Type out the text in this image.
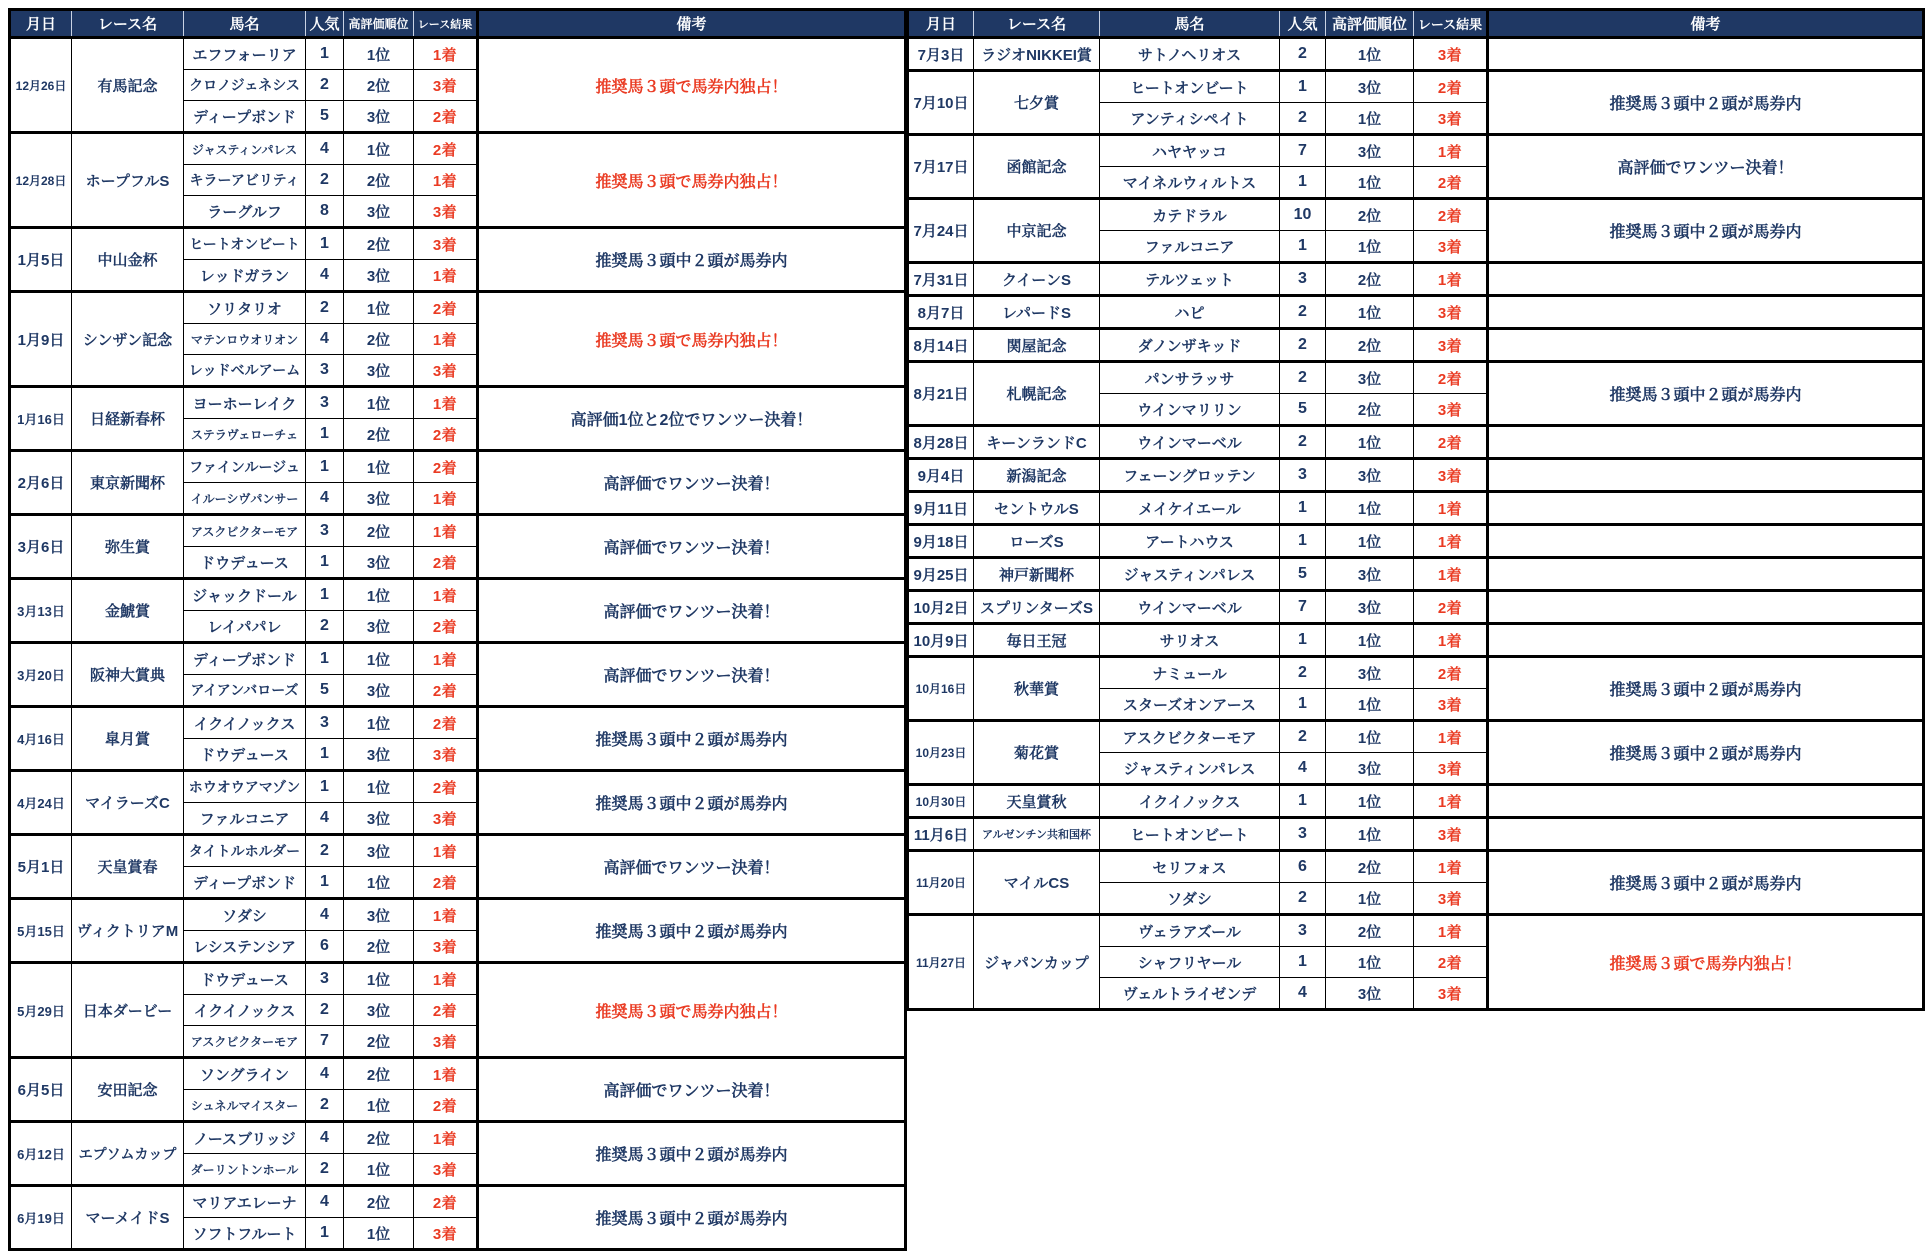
月日	レース名	馬名	人気	高評価順位	レース結果	備考
12月26日	有馬記念	エフフォーリア	1	1位	1着	推奨馬３頭で馬券内独占！
		クロノジェネシス	2	2位	3着	
		ディープボンド	5	3位	2着	
12月28日	ホープフルS	ジャスティンパレス	4	1位	2着	推奨馬３頭で馬券内独占！
		キラーアビリティ	2	2位	1着	
		ラーグルフ	8	3位	3着	
1月5日	中山金杯	ヒートオンビート	1	2位	3着	推奨馬３頭中２頭が馬券内
		レッドガラン	4	3位	1着	
1月9日	シンザン記念	ソリタリオ	2	1位	2着	推奨馬３頭で馬券内独占！
		マテンロウオリオン	4	2位	1着	
		レッドベルアーム	3	3位	3着	
1月16日	日経新春杯	ヨーホーレイク	3	1位	1着	高評価1位と2位でワンツー決着！
		ステラヴェローチェ	1	2位	2着	
2月6日	東京新聞杯	ファインルージュ	1	1位	2着	高評価でワンツー決着！
		イルーシヴパンサー	4	3位	1着	
3月6日	弥生賞	アスクビクターモア	3	2位	1着	高評価でワンツー決着！
		ドウデュース	1	3位	2着	
3月13日	金鯱賞	ジャックドール	1	1位	1着	高評価でワンツー決着！
		レイパパレ	2	3位	2着	
3月20日	阪神大賞典	ディープボンド	1	1位	1着	高評価でワンツー決着！
		アイアンバローズ	5	3位	2着	
4月16日	皐月賞	イクイノックス	3	1位	2着	推奨馬３頭中２頭が馬券内
		ドウデュース	1	3位	3着	
4月24日	マイラーズC	ホウオウアマゾン	1	1位	2着	推奨馬３頭中２頭が馬券内
		ファルコニア	4	3位	3着	
5月1日	天皇賞春	タイトルホルダー	2	3位	1着	高評価でワンツー決着！
		ディープボンド	1	1位	2着	
5月15日	ヴィクトリアM	ソダシ	4	3位	1着	推奨馬３頭中２頭が馬券内
		レシステンシア	6	2位	3着	
5月29日	日本ダービー	ドウデュース	3	1位	1着	推奨馬３頭で馬券内独占！
		イクイノックス	2	3位	2着	
		アスクビクターモア	7	2位	3着	
6月5日	安田記念	ソングライン	4	2位	1着	高評価でワンツー決着！
		シュネルマイスター	2	1位	2着	
6月12日	エプソムカップ	ノースブリッジ	4	2位	1着	推奨馬３頭中２頭が馬券内
		ダーリントンホール	2	1位	3着	
6月19日	マーメイドS	マリアエレーナ	4	2位	2着	推奨馬３頭中２頭が馬券内
		ソフトフルート	1	1位	3着	
月日	レース名	馬名	人気	高評価順位	レース結果	備考
7月3日	ラジオNIKKEI賞	サトノヘリオス	2	1位	3着	
7月10日	七夕賞	ヒートオンビート	1	3位	2着	推奨馬３頭中２頭が馬券内
		アンティシペイト	2	1位	3着	
7月17日	函館記念	ハヤヤッコ	7	3位	1着	高評価でワンツー決着！
		マイネルウィルトス	1	1位	2着	
7月24日	中京記念	カテドラル	10	2位	2着	推奨馬３頭中２頭が馬券内
		ファルコニア	1	1位	3着	
7月31日	クイーンS	テルツェット	3	2位	1着	
8月7日	レパードS	ハピ	2	1位	3着	
8月14日	関屋記念	ダノンザキッド	2	2位	3着	
8月21日	札幌記念	パンサラッサ	2	3位	2着	推奨馬３頭中２頭が馬券内
		ウインマリリン	5	2位	3着	
8月28日	キーンランドC	ウインマーベル	2	1位	2着	
9月4日	新潟記念	フェーングロッテン	3	3位	3着	
9月11日	セントウルS	メイケイエール	1	1位	1着	
9月18日	ローズS	アートハウス	1	1位	1着	
9月25日	神戸新聞杯	ジャスティンパレス	5	3位	1着	
10月2日	スプリンターズS	ウインマーベル	7	3位	2着	
10月9日	毎日王冠	サリオス	1	1位	1着	
10月16日	秋華賞	ナミュール	2	3位	2着	推奨馬３頭中２頭が馬券内
		スターズオンアース	1	1位	3着	
10月23日	菊花賞	アスクビクターモア	2	1位	1着	推奨馬３頭中２頭が馬券内
		ジャスティンパレス	4	3位	3着	
10月30日	天皇賞秋	イクイノックス	1	1位	1着	
11月6日	アルゼンチン共和国杯	ヒートオンビート	3	1位	3着	
11月20日	マイルCS	セリフォス	6	2位	1着	推奨馬３頭中２頭が馬券内
		ソダシ	2	1位	3着	
11月27日	ジャパンカップ	ヴェラアズール	3	2位	1着	推奨馬３頭で馬券内独占！
		シャフリヤール	1	1位	2着	
		ヴェルトライゼンデ	4	3位	3着	
